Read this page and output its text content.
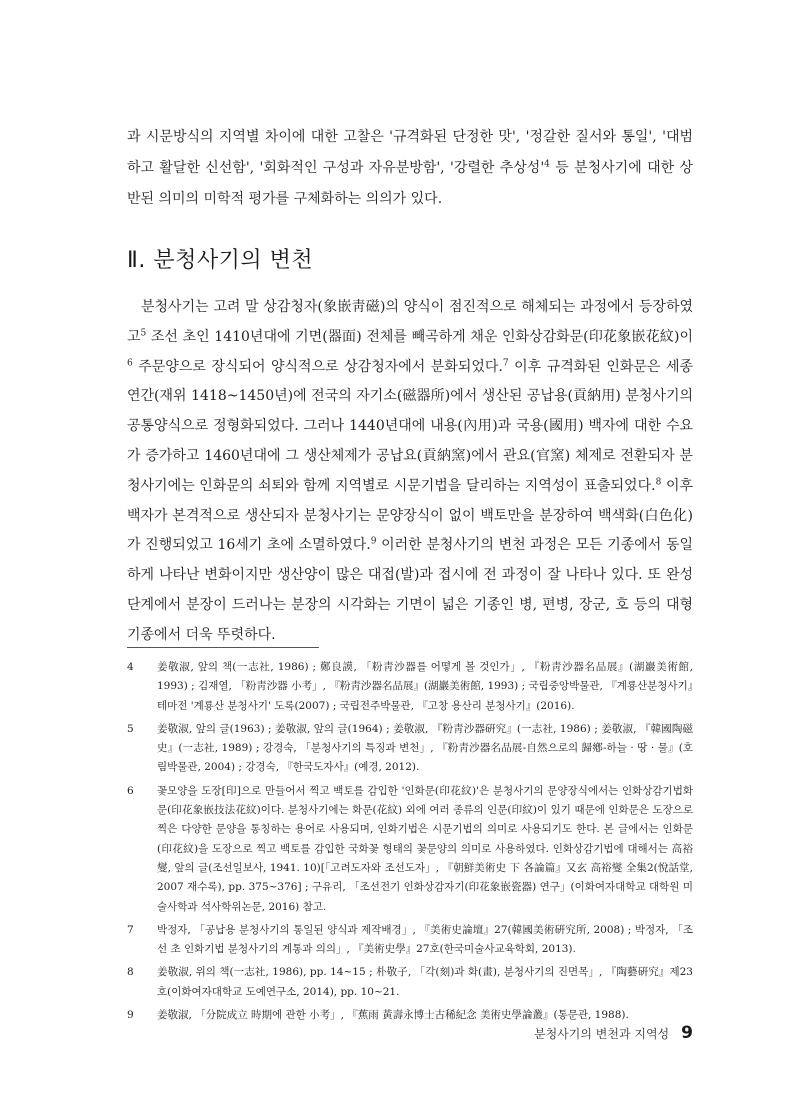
과 시문방식의 지역별 차이에 대한 고찰은 '규격화된 단정한 맛', '정갈한 질서와 통일', '대범하고 활달한 신선함', '회화적인 구성과 자유분방함', '강렬한 추상성'$^4$ 등 분청사기에 대한 상반된 의미의 미학적 평가를 구체화하는 의의가 있다.

Ⅱ. 분청사기의 변천

분청사기는 고려 말 상감청자(象嵌靑磁)의 양식이 점진적으로 해체되는 과정에서 등장하였고$^5$ 조선 초인 1410년대에 기면(器面) 전체를 빼곡하게 채운 인화상감화문(印花象嵌花紋)이$^6$ 주문양으로 장식되어 양식적으로 상감청자에서 분화되었다.$^7$ 이후 규격화된 인화문은 세종연간(재위 1418~1450년)에 전국의 자기소(磁器所)에서 생산된 공납용(貢納用) 분청사기의 공통양식으로 정형화되었다. 그러나 1440년대에 내용(內用)과 국용(國用) 백자에 대한 수요가 증가하고 1460년대에 그 생산체제가 공납요(貢納窯)에서 관요(官窯) 체제로 전환되자 분청사기에는 인화문의 쇠퇴와 함께 지역별로 시문기법을 달리하는 지역성이 표출되었다.$^8$ 이후 백자가 본격적으로 생산되자 분청사기는 문양장식이 없이 백토만을 분장하여 백색화(白色化)가 진행되었고 16세기 초에 소멸하였다.$^9$ 이러한 분청사기의 변천 과정은 모든 기종에서 동일하게 나타난 변화이지만 생산양이 많은 대접(발)과 접시에 전 과정이 잘 나타나 있다. 또 완성 단계에서 분장이 드러나는 분장의 시각화는 기면이 넓은 기종인 병, 편병, 장군, 호 등의 대형 기종에서 더욱 뚜렷하다.

4	姜敬淑, 앞의 책(一志社, 1986) ; 鄭良謨, 「粉靑沙器를 어떻게 볼 것인가」, 『粉靑沙器名品展』(湖巖美術館, 1993) ; 김재열, 「粉靑沙器 小考」, 『粉靑沙器名品展』(湖巖美術館, 1993) ; 국립중앙박물관, 『계룡산분청사기』테마전 '계룡산 분청사기' 도록(2007) ; 국립전주박물관, 『고창 용산리 분청사기』(2016).
5	姜敬淑, 앞의 글(1963) ; 姜敬淑, 앞의 글(1964) ; 姜敬淑, 『粉靑沙器硏究』(一志社, 1986) ; 姜敬淑, 『韓國陶磁史』(一志社, 1989) ; 강경숙, 「분청사기의 특징과 변천」, 『粉靑沙器名品展-自然으로의 歸鄕-하늘 · 땅 · 물』(호림박물관, 2004) ; 강경숙, 『한국도자사』(예경, 2012).
6	꽃모양을 도장[印]으로 만들어서 찍고 백토를 감입한 '인화문(印花紋)'은 분청사기의 문양장식에서는 인화상감기법화문(印花象嵌技法花紋)이다. 분청사기에는 화문(花紋) 외에 여러 종류의 인문(印紋)이 있기 때문에 인화문은 도장으로 찍은 다양한 문양을 통칭하는 용어로 사용되며, 인화기법은 시문기법의 의미로 사용되기도 한다. 본 글에서는 인화문(印花紋)을 도장으로 찍고 백토를 감입한 국화꽃 형태의 꽃문양의 의미로 사용하였다. 인화상감기법에 대해서는 高裕燮, 앞의 글(조선일보사, 1941. 10)[「고려도자와 조선도자」, 『朝鮮美術史 下 各論篇』又玄 高裕燮 全集2(悅話堂, 2007 재수록), pp. 375~376] ; 구유리, 「조선전기 인화상감자기(印花象嵌瓷器) 연구」(이화여자대학교 대학원 미술사학과 석사학위논문, 2016) 참고.
7	박정자, 「공납용 분청사기의 통일된 양식과 제작배경」, 『美術史論壇』27(韓國美術硏究所, 2008) ; 박정자, 「조선 초 인화기법 분청사기의 계통과 의의」, 『美術史學』27호(한국미술사교육학회, 2013).
8	姜敬淑, 위의 책(一志社, 1986), pp. 14~15 ; 朴敬子, 「각(刻)과 화(畫), 분청사기의 진면목」, 『陶藝硏究』제23호(이화여자대학교 도예연구소, 2014), pp. 10~21.
9	姜敬淑, 「分院成立 時期에 관한 小考」, 『蕉雨 黃壽永博士古稀紀念 美術史學論叢』(통문관, 1988).
분청사기의 변천과 지역성 9
